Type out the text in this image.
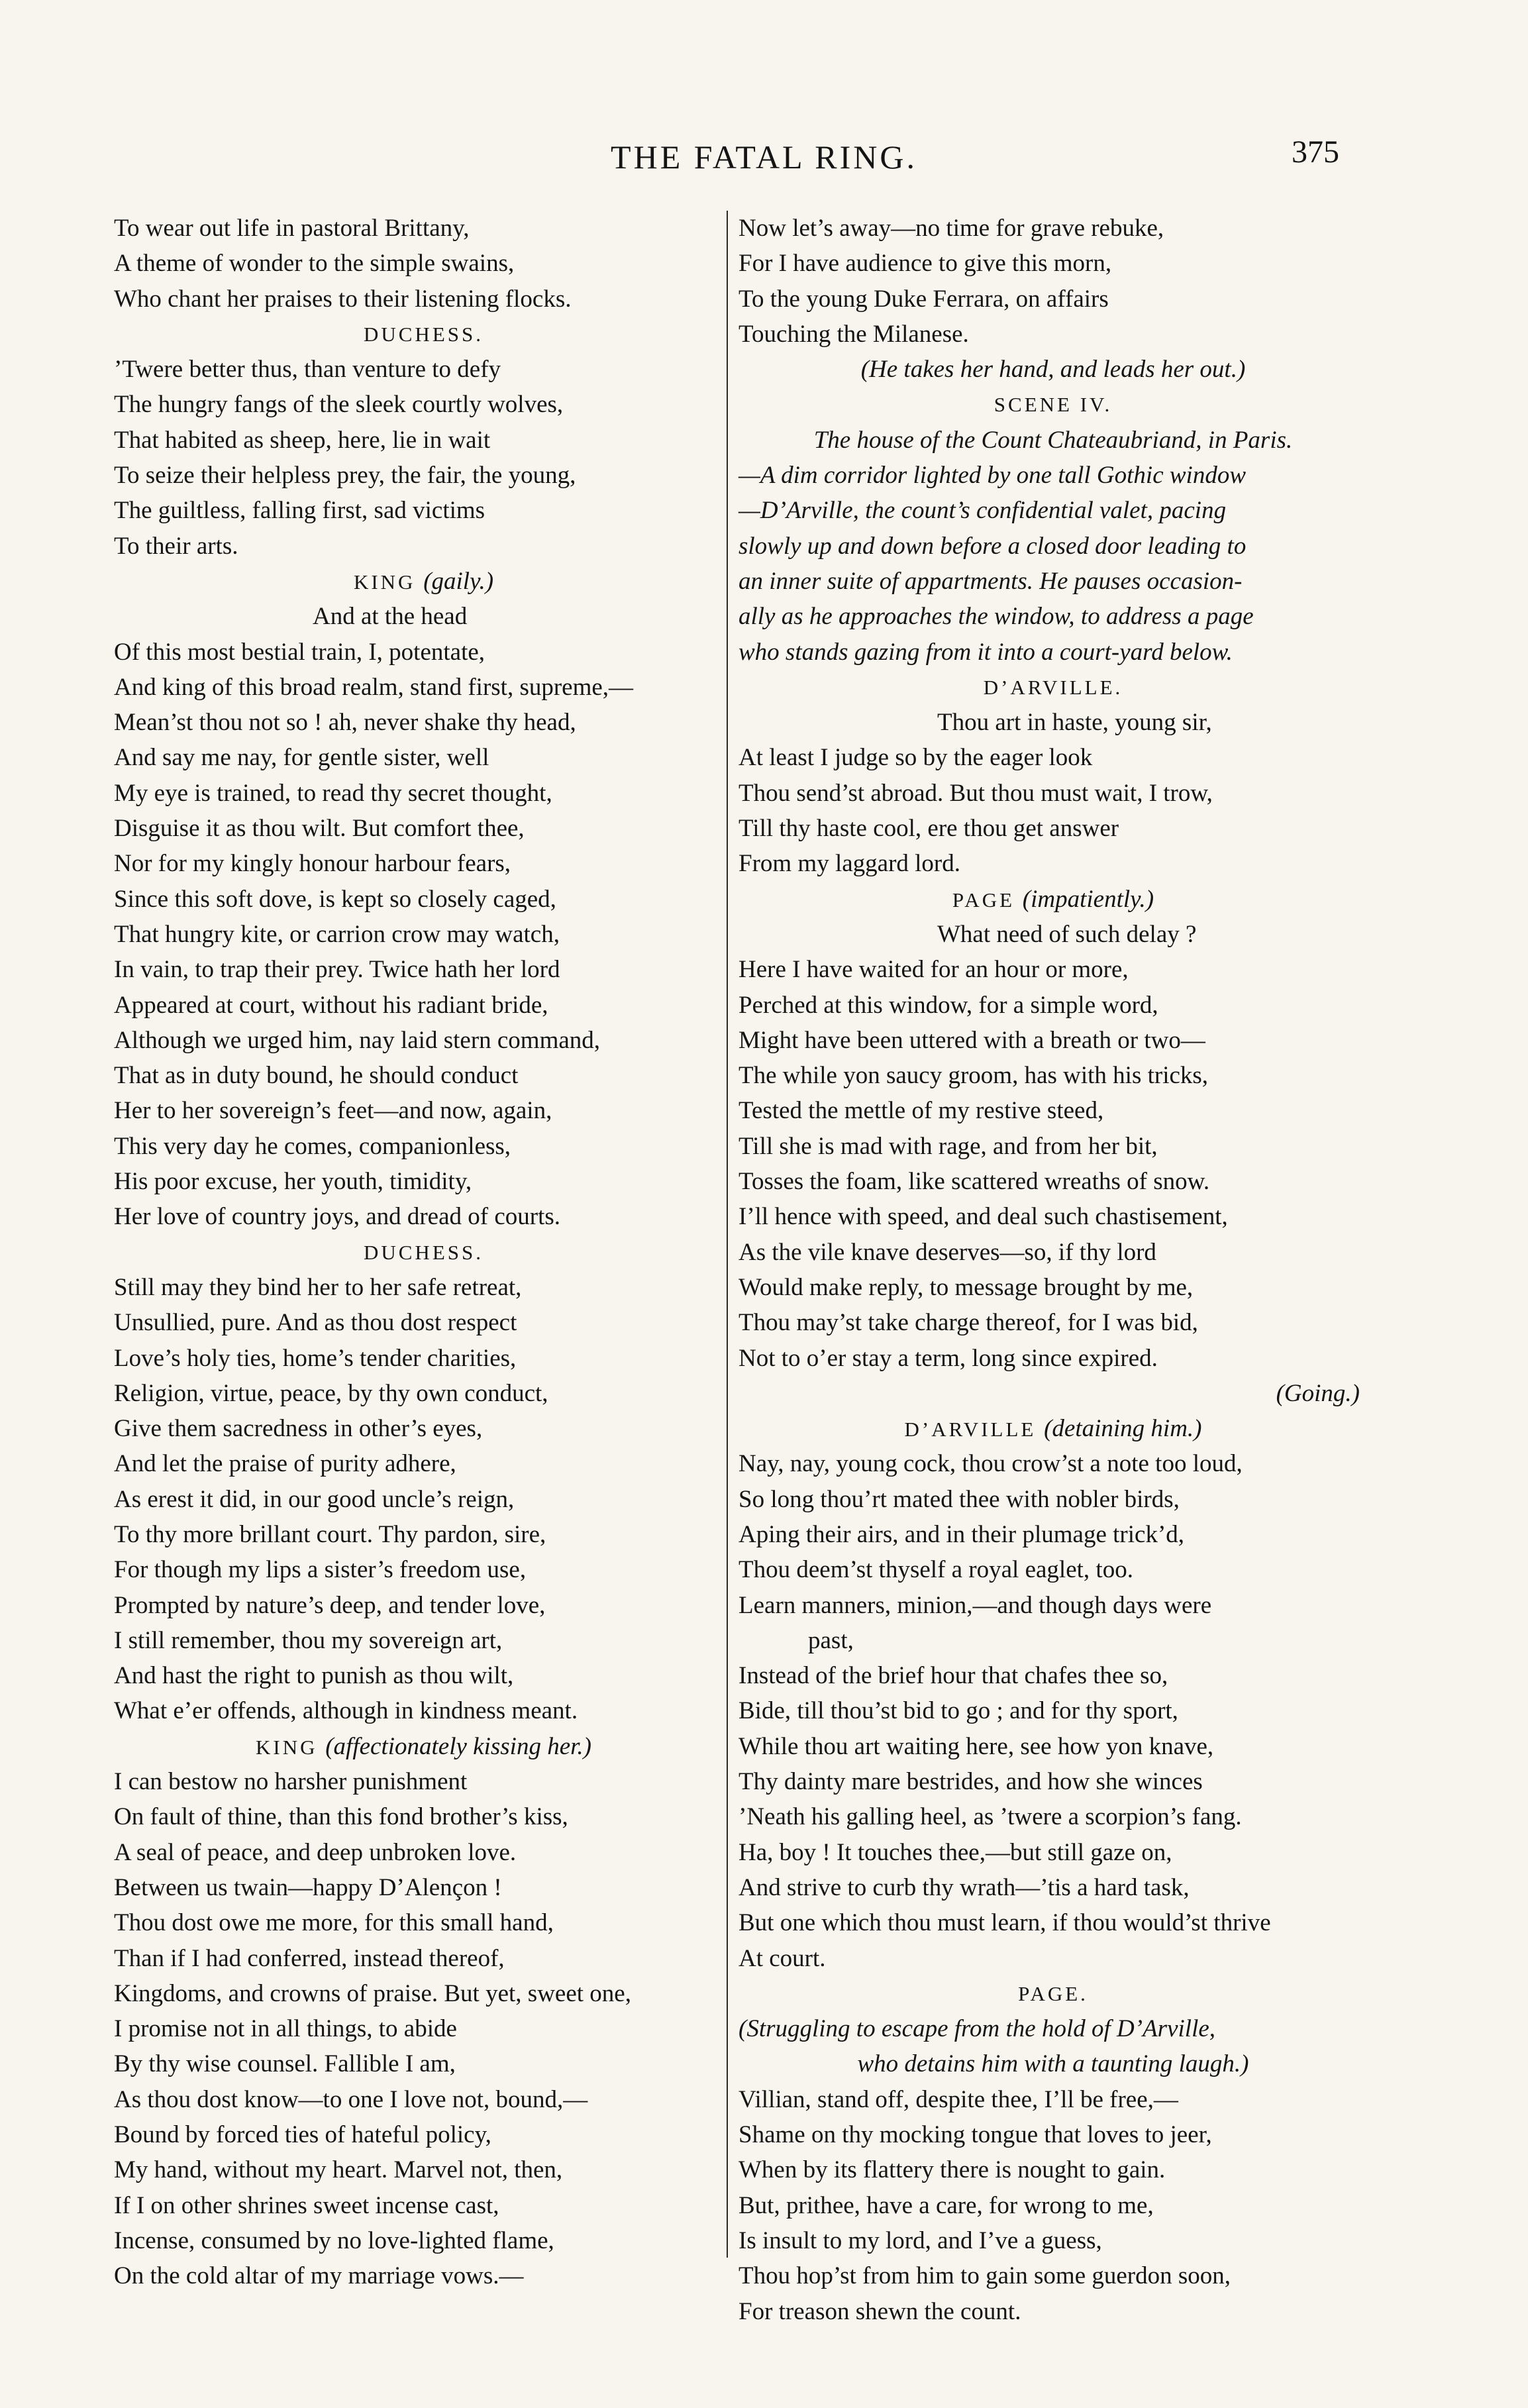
THE FATAL RING.	375
To wear out life in pastoral Brittany,
A theme of wonder to the simple swains,
Who chant her praises to their listening flocks.
DUCHESS.
’Twere better thus, than venture to defy
The hungry fangs of the sleek courtly wolves,
That habited as sheep, here, lie in wait
To seize their helpless prey, the fair, the young,
The guiltless, falling first, sad victims
To their arts.
KING (gaily.)
And at the head
Of this most bestial train, I, potentate,
And king of this broad realm, stand first, supreme,—
Mean’st thou not so ! ah, never shake thy head,
And say me nay, for gentle sister, well
My eye is trained, to read thy secret thought,
Disguise it as thou wilt. But comfort thee,
Nor for my kingly honour harbour fears,
Since this soft dove, is kept so closely caged,
That hungry kite, or carrion crow may watch,
In vain, to trap their prey. Twice hath her lord
Appeared at court, without his radiant bride,
Although we urged him, nay laid stern command,
That as in duty bound, he should conduct
Her to her sovereign’s feet—and now, again,
This very day he comes, companionless,
His poor excuse, her youth, timidity,
Her love of country joys, and dread of courts.
DUCHESS.
Still may they bind her to her safe retreat,
Unsullied, pure. And as thou dost respect
Love’s holy ties, home’s tender charities,
Religion, virtue, peace, by thy own conduct,
Give them sacredness in other’s eyes,
And let the praise of purity adhere,
As erest it did, in our good uncle’s reign,
To thy more brillant court. Thy pardon, sire,
For though my lips a sister’s freedom use,
Prompted by nature’s deep, and tender love,
I still remember, thou my sovereign art,
And hast the right to punish as thou wilt,
What e’er offends, although in kindness meant.
KING (affectionately kissing her.)
I can bestow no harsher punishment
On fault of thine, than this fond brother’s kiss,
A seal of peace, and deep unbroken love.
Between us twain—happy D’Alençon !
Thou dost owe me more, for this small hand,
Than if I had conferred, instead thereof,
Kingdoms, and crowns of praise. But yet, sweet one,
I promise not in all things, to abide
By thy wise counsel. Fallible I am,
As thou dost know—to one I love not, bound,—
Bound by forced ties of hateful policy,
My hand, without my heart. Marvel not, then,
If I on other shrines sweet incense cast,
Incense, consumed by no love-lighted flame,
On the cold altar of my marriage vows.—
Now let’s away—no time for grave rebuke,
For I have audience to give this morn,
To the young Duke Ferrara, on affairs
Touching the Milanese.
(He takes her hand, and leads her out.)
SCENE IV.
The house of the Count Chateaubriand, in Paris.
—A dim corridor lighted by one tall Gothic window
—D’Arville, the count’s confidential valet, pacing
slowly up and down before a closed door leading to
an inner suite of appartments. He pauses occasion-
ally as he approaches the window, to address a page
who stands gazing from it into a court-yard below.
D’ARVILLE.
Thou art in haste, young sir,
At least I judge so by the eager look
Thou send’st abroad. But thou must wait, I trow,
Till thy haste cool, ere thou get answer
From my laggard lord.
PAGE (impatiently.)
What need of such delay ?
Here I have waited for an hour or more,
Perched at this window, for a simple word,
Might have been uttered with a breath or two—
The while yon saucy groom, has with his tricks,
Tested the mettle of my restive steed,
Till she is mad with rage, and from her bit,
Tosses the foam, like scattered wreaths of snow.
I’ll hence with speed, and deal such chastisement,
As the vile knave deserves—so, if thy lord
Would make reply, to message brought by me,
Thou may’st take charge thereof, for I was bid,
Not to o’er stay a term, long since expired.
(Going.)
D’ARVILLE (detaining him.)
Nay, nay, young cock, thou crow’st a note too loud,
So long thou’rt mated thee with nobler birds,
Aping their airs, and in their plumage trick’d,
Thou deem’st thyself a royal eaglet, too.
Learn manners, minion,—and though days were
past,
Instead of the brief hour that chafes thee so,
Bide, till thou’st bid to go ; and for thy sport,
While thou art waiting here, see how yon knave,
Thy dainty mare bestrides, and how she winces
’Neath his galling heel, as ’twere a scorpion’s fang.
Ha, boy ! It touches thee,—but still gaze on,
And strive to curb thy wrath—’tis a hard task,
But one which thou must learn, if thou would’st thrive
At court.
PAGE.
(Struggling to escape from the hold of D’Arville,
who detains him with a taunting laugh.)
Villian, stand off, despite thee, I’ll be free,—
Shame on thy mocking tongue that loves to jeer,
When by its flattery there is nought to gain.
But, prithee, have a care, for wrong to me,
Is insult to my lord, and I’ve a guess,
Thou hop’st from him to gain some guerdon soon,
For treason shewn the count.
